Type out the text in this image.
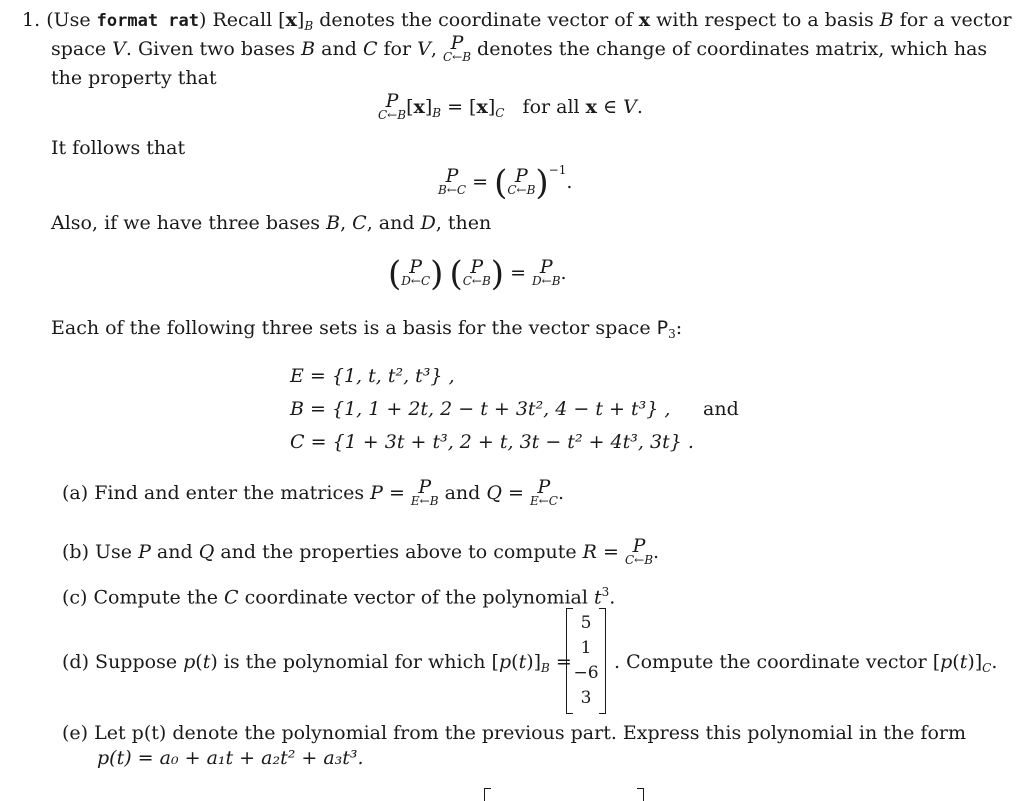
1. (Use format rat) Recall $[x]_B$ denotes the coordinate vector of x with respect to a basis B for a vector
space V. Given two bases B and C for V, P
C←B denotes the change of coordinates matrix, which has
the property that
P
C←B $[x]_B = [x]_C$ for all x ∈ V.
It follows that
P
B←C = ( P
C←B )$^{-1}$.
Also, if we have three bases B, C, and D, then
( P
D←C ) ( P
C←B ) = P
D←B .
Each of the following three sets is a basis for the vector space $P_3$:
E = {1, t, t², t³} ,
B = {1, 1 + 2t, 2 − t + 3t², 4 − t + t³} , and
C = {1 + 3t + t³, 2 + t, 3t − t² + 4t³, 3t} .
(a) Find and enter the matrices P = P
E←B and Q = P
E←C .
(b) Use P and Q and the properties above to compute R = P
C←B .
(c) Compute the C coordinate vector of the polynomial $t^3$.
(d) Suppose p(t) is the polynomial for which $[p(t)]_B$ =
5
1
−6
3
. Compute the coordinate vector $[p(t)]_C$.
(e) Let p(t) denote the polynomial from the previous part. Express this polynomial in the form
p(t) = a₀ + a₁t + a₂t² + a₃t³.
